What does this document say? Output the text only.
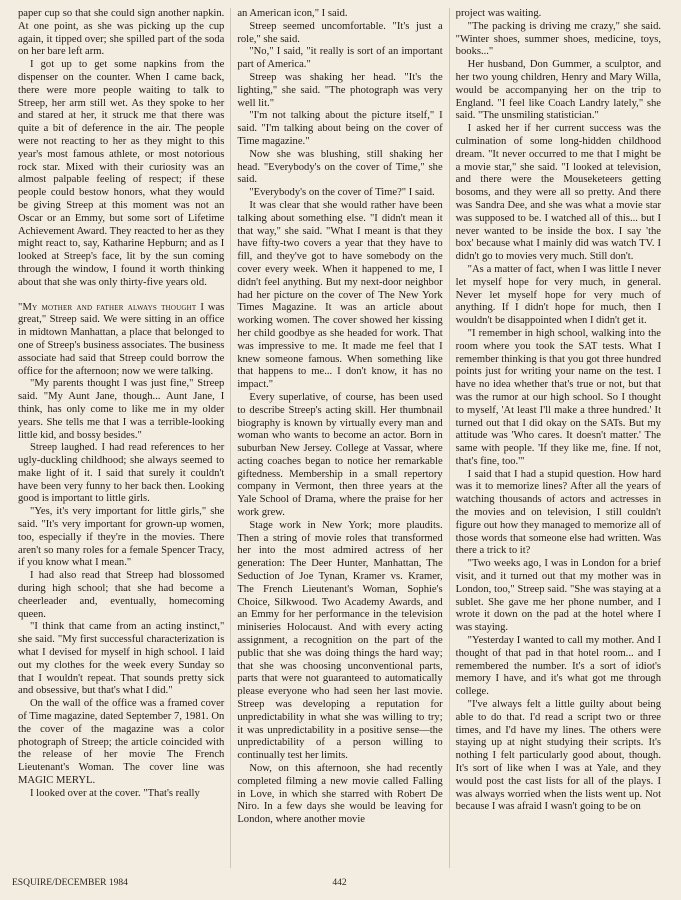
paper cup so that she could sign another napkin. At one point, as she was picking up the cup again, it tipped over; she spilled part of the soda on her bare left arm.

I got up to get some napkins from the dispenser on the counter. When I came back, there were more people waiting to talk to Streep, her arm still wet. As they spoke to her and stared at her, it struck me that there was quite a bit of deference in the air. The people were not reacting to her as they might to this year's most famous athlete, or most notorious rock star. Mixed with their curiosity was an almost palpable feeling of respect; if these people could bestow honors, what they would be giving Streep at this moment was not an Oscar or an Emmy, but some sort of Lifetime Achievement Award. They reacted to her as they might react to, say, Katharine Hepburn; and as I looked at Streep's face, lit by the sun coming through the window, I found it worth thinking about that she was only thirty-five years old.

"My mother and father always thought I was great," Streep said. We were sitting in an office in midtown Manhattan, a place that belonged to one of Streep's business associates. The business associate had said that Streep could borrow the office for the afternoon; now we were talking.

"My parents thought I was just fine," Streep said. "My Aunt Jane, though... Aunt Jane, I think, has only come to like me in my older years. She tells me that I was a terrible-looking little kid, and bossy besides."

Streep laughed. I had read references to her ugly-duckling childhood; she always seemed to make light of it. I said that surely it couldn't have been very funny to her back then. Looking good is important to little girls.

"Yes, it's very important for little girls," she said. "It's very important for grown-up women, too, especially if they're in the movies. There aren't so many roles for a female Spencer Tracy, if you know what I mean."

I had also read that Streep had blossomed during high school; that she had become a cheerleader and, eventually, homecoming queen.

"I think that came from an acting instinct," she said. "My first successful characterization is what I devised for myself in high school. I laid out my clothes for the week every Sunday so that I wouldn't repeat. That sounds pretty sick and obsessive, but that's what I did."

On the wall of the office was a framed cover of Time magazine, dated September 7, 1981. On the cover of the magazine was a color photograph of Streep; the article coincided with the release of her movie The French Lieutenant's Woman. The cover line was MAGIC MERYL.

I looked over at the cover. "That's really

an American icon," I said.

Streep seemed uncomfortable. "It's just a role," she said.

"No," I said, "it really is sort of an important part of America."

Streep was shaking her head. "It's the lighting," she said. "The photograph was very well lit."

"I'm not talking about the picture itself," I said. "I'm talking about being on the cover of Time magazine."

Now she was blushing, still shaking her head. "Everybody's on the cover of Time," she said.

"Everybody's on the cover of Time?" I said.

It was clear that she would rather have been talking about something else. "I didn't mean it that way," she said. "What I meant is that they have fifty-two covers a year that they have to fill, and they've got to have somebody on the cover every week. When it happened to me, I didn't feel anything. But my next-door neighbor had her picture on the cover of The New York Times Magazine. It was an article about working women. The cover showed her kissing her child goodbye as she headed for work. That was impressive to me. It made me feel that I knew someone famous. When something like that happens to me... I don't know, it has no impact."

Every superlative, of course, has been used to describe Streep's acting skill. Her thumbnail biography is known by virtually every man and woman who wants to become an actor. Born in suburban New Jersey. College at Vassar, where acting coaches began to notice her remarkable giftedness. Membership in a small repertory company in Vermont, then three years at the Yale School of Drama, where the praise for her work grew.

Stage work in New York; more plaudits. Then a string of movie roles that transformed her into the most admired actress of her generation: The Deer Hunter, Manhattan, The Seduction of Joe Tynan, Kramer vs. Kramer, The French Lieutenant's Woman, Sophie's Choice, Silkwood. Two Academy Awards, and an Emmy for her performance in the television miniseries Holocaust. And with every acting assignment, a recognition on the part of the public that she was doing things the hard way; that she was choosing unconventional parts, parts that were not guaranteed to automatically please everyone who had seen her last movie. Streep was developing a reputation for unpredictability in what she was willing to try; it was unpredictability in a positive sense—the unpredictability of a person willing to continually test her limits.

Now, on this afternoon, she had recently completed filming a new movie called Falling in Love, in which she starred with Robert De Niro. In a few days she would be leaving for London, where another movie

project was waiting.

"The packing is driving me crazy," she said. "Winter shoes, summer shoes, medicine, toys, books..."

Her husband, Don Gummer, a sculptor, and her two young children, Henry and Mary Willa, would be accompanying her on the trip to England. "I feel like Coach Landry lately," she said. "The unsmiling statistician."

I asked her if her current success was the culmination of some long-hidden childhood dream. "It never occurred to me that I might be a movie star," she said. "I looked at television, and there were the Mouseketeers getting bosoms, and they were all so pretty. And there was Sandra Dee, and she was what a movie star was supposed to be. I watched all of this... but I never wanted to be inside the box. I say 'the box' because what I mainly did was watch TV. I didn't go to movies very much. Still don't.

"As a matter of fact, when I was little I never let myself hope for very much, in general. Never let myself hope for very much of anything. If I didn't hope for much, then I wouldn't be disappointed when I didn't get it.

"I remember in high school, walking into the room where you took the SAT tests. What I remember thinking is that you got three hundred points just for writing your name on the test. I have no idea whether that's true or not, but that was the rumor at our high school. So I thought to myself, 'At least I'll make a three hundred.' It turned out that I did okay on the SATs. But my attitude was 'Who cares. It doesn't matter.' The same with people. 'If they like me, fine. If not, that's fine, too.'"

I said that I had a stupid question. How hard was it to memorize lines? After all the years of watching thousands of actors and actresses in the movies and on television, I still couldn't figure out how they managed to memorize all of those words that someone else had written. Was there a trick to it?

"Two weeks ago, I was in London for a brief visit, and it turned out that my mother was in London, too," Streep said. "She was staying at a sublet. She gave me her phone number, and I wrote it down on the pad at the hotel where I was staying.

"Yesterday I wanted to call my mother. And I thought of that pad in that hotel room... and I remembered the number. It's a sort of idiot's memory I have, and it's what got me through college.

"I've always felt a little guilty about being able to do that. I'd read a script two or three times, and I'd have my lines. The others were staying up at night studying their scripts. It's nothing I felt particularly good about, though. It's sort of like when I was at Yale, and they would post the cast lists for all of the plays. I was always worried when the lists went up. Not because I was afraid I wasn't going to be on

ESQUIRE/DECEMBER 1984	442
